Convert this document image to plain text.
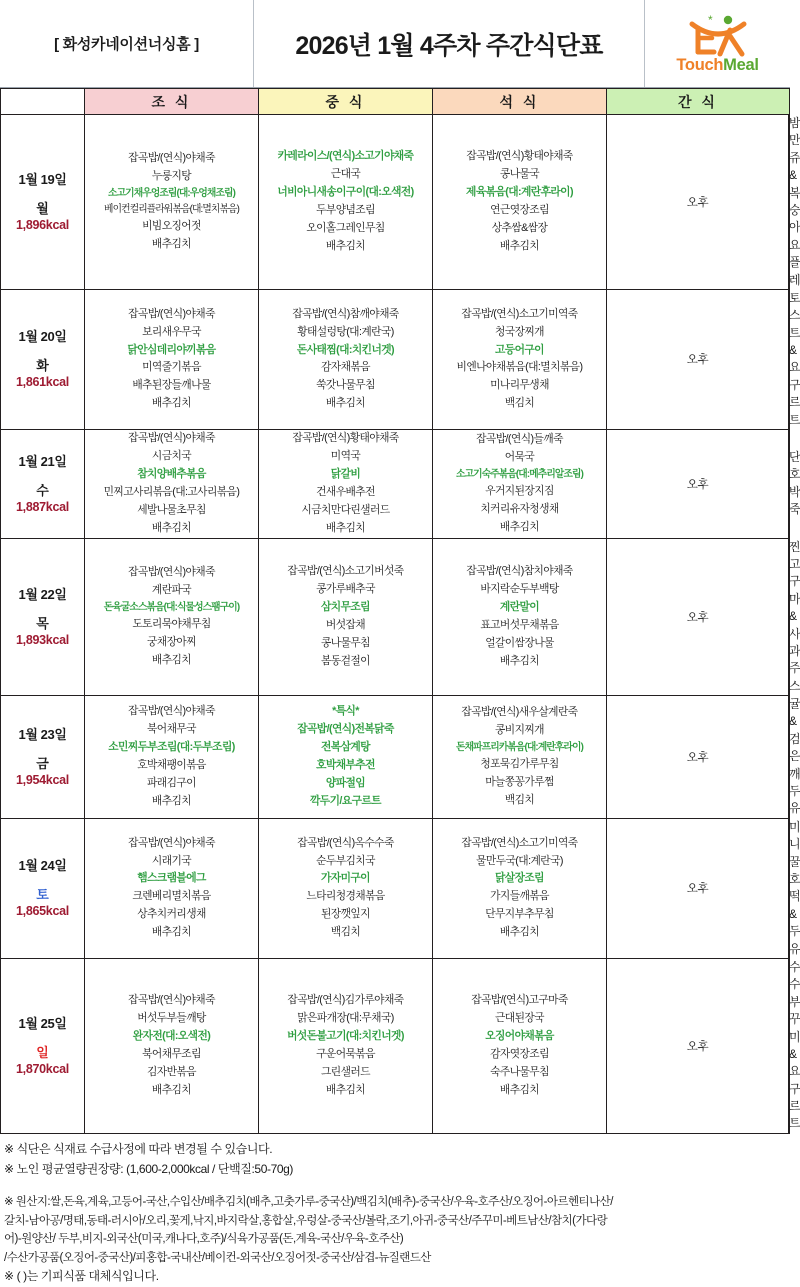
[ 화성카네이션너싱홈 ]	2026년 1월 4주차 주간식단표
*
TouchMeal
	조 식	중 식	석 식	간 식	

1월 19일
월
1,896kcal

잡곡밥/(연식)야채죽
누룽지탕
소고기채우엉조림(대:우엉채조림)
베이컨컬리플라워볶음(대:멸치볶음)
비빔오징어젓
배추김치

카레라이스/(연식)소고기야채죽
근대국
너비아니새송이구이(대:오색전)
두부양념조림
오이홀그레인무침
배추김치

잡곡밥/(연식)황태야채죽
콩나물국
제육볶음(대:계란후라이)
연근엿장조림
상추쌈&쌈장
배추김치
	오후	밤만쥬
&복숭아요플레

1월 20일
화
1,861kcal

잡곡밥/(연식)야채죽
보리새우무국
닭안심데리야끼볶음
미역줄기볶음
배추된장들깨나물
배추김치

잡곡밥/(연식)참깨야채죽
황태설렁탕(대:계란국)
돈사태찜(대:치킨너겟)
감자채볶음
쑥갓나물무침
배추김치

잡곡밥/(연식)소고기미역죽
청국장찌개
고등어구이
비엔나야채볶음(대:멸치볶음)
미나리무생채
백김치
	오후	토스트&요구르트

1월 21일
수
1,887kcal

잡곡밥/(연식)야채죽
시금치국
참치양배추볶음
민찌고사리볶음(대:고사리볶음)
세발나물초무침
배추김치

잡곡밥/(연식)황태야채죽
미역국
닭갈비
건새우배추전
시금치만다린샐러드
배추김치

잡곡밥/(연식)들깨죽
어묵국
소고기숙주볶음(대:메추리알조림)
우거지된장지짐
치커리유자청생채
배추김치
	오후	단호박죽

1월 22일
목
1,893kcal

잡곡밥/(연식)야채죽
계란파국
돈육굴소스볶음(대:식물성스팸구이)
도토리묵야채무침
궁채장아찌
배추김치

잡곡밥/(연식)소고기버섯죽
콩가루배추국
삼치무조림
버섯잡채
콩나물무침
봄동겉절이

잡곡밥/(연식)참치야채죽
바지락순두부백탕
계란말이
표고버섯무채볶음
얼갈이쌈장나물
배추김치
	오후	찐고구마&사과주스

1월 23일
금
1,954kcal

잡곡밥/(연식)야채죽
북어채무국
소민찌두부조림(대:두부조림)
호박채팽이볶음
파래김구이
배추김치

*특식*
잡곡밥/(연식)전복닭죽
전복삼계탕
호박채부추전
양파절임
깍두기/요구르트

잡곡밥/(연식)새우살계란죽
콩비지찌개
돈채파프리카볶음(대:계란후라이)
청포묵김가루무침
마늘쫑꽁가루쩜
백김치
	오후	귤&검은깨두유

1월 24일
토
1,865kcal

잡곡밥/(연식)야채죽
시래기국
햄스크램블에그
크렌베리멸치볶음
상추치커리생채
배추김치

잡곡밥/(연식)옥수수죽
순두부김치국
가자미구이
느타리청경채볶음
된장깻잎지
백김치

잡곡밥/(연식)소고기미역죽
물만두국(대:계란국)
닭살장조림
가지들깨볶음
단무지부추무침
배추김치
	오후	미니꿀호떡&두유

1월 25일
일
1,870kcal

잡곡밥/(연식)야채죽
버섯두부들깨탕
완자전(대:오색전)
북어채무조림
김자반볶음
배추김치

잡곡밥/(연식)김가루야채죽
맑은파개장(대:무채국)
버섯돈불고기(대:치킨너겟)
구운어묵볶음
그린샐러드
배추김치

잡곡밥/(연식)고구마죽
근대된장국
오징어야채볶음
감자엿장조림
숙주나물무침
배추김치
	오후	수수부꾸미
&요구르트
※ 식단은 식재료 수급사정에 따라 변경될 수 있습니다.
※ 노인 평균열량권장량: (1,600-2,000kcal / 단백질:50-70g)
※ 원산지:쌀,돈육,계육,고등어-국산,수입산/배추김치(배추,고춧가루-중국산)/백김치(배추)-중국산/우육-호주산/오징어-아르헨티나산/
갈치-남아공/명태,동태-러시아/오리,꽃게,낙지,바지락살,홍합살,우렁살-중국산/볼락,조기,아귀-중국산/주꾸미-베트남산/참치(가다랑
어)-원양산/ 두부,비지-외국산(미국,캐나다,호주)/식육가공품(돈,계육-국산/우육-호주산)
/수산가공품(오징어-중국산)/피홍합-국내산/베이컨-외국산/오징어젓-중국산/삼겹-뉴질랜드산
※ ( )는 기피식품 대체식입니다.
